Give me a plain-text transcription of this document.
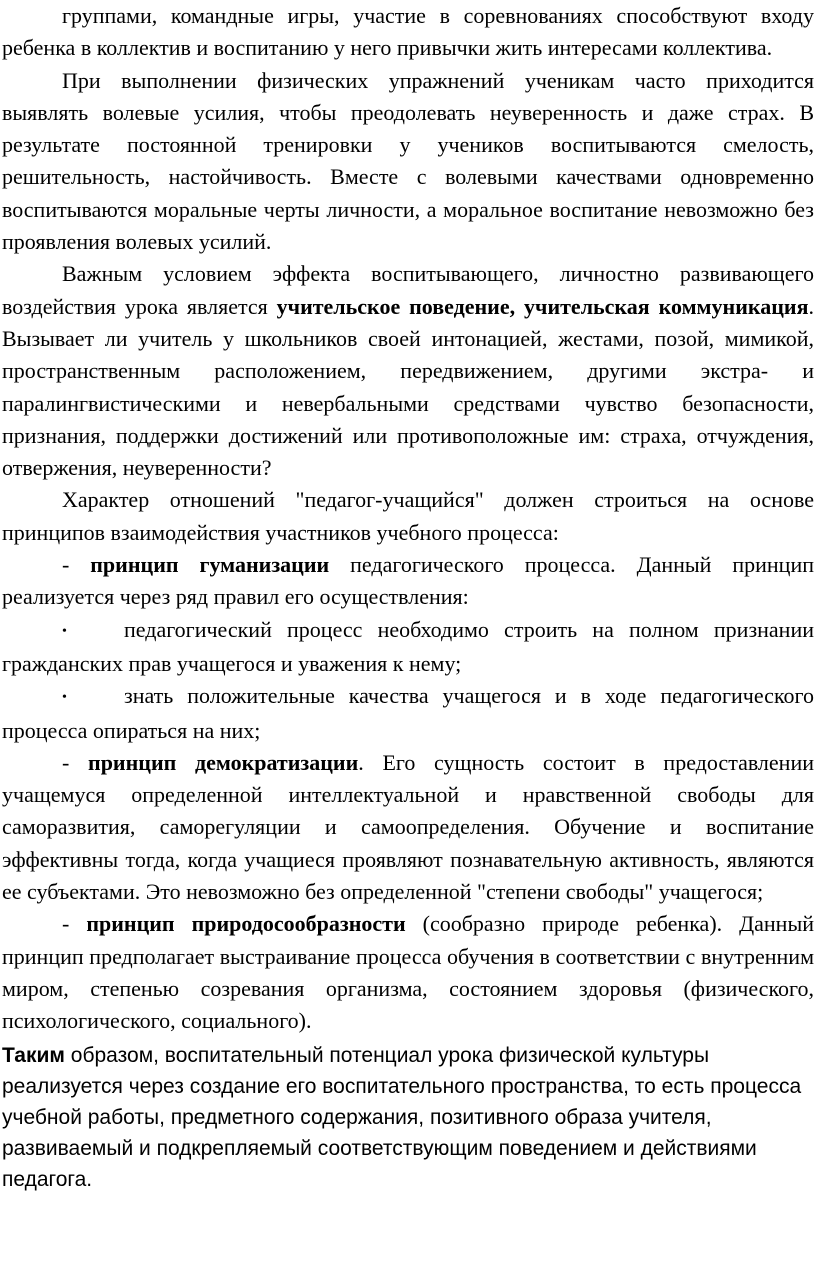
группами, командные игры, участие в соревнованиях способствуют входу ребенка в коллектив и воспитанию у него привычки жить интересами коллектива.

При выполнении физических упражнений ученикам часто приходится выявлять волевые усилия, чтобы преодолевать неуверенность и даже страх. В результате постоянной тренировки у учеников воспитываются смелость, решительность, настойчивость. Вместе с волевыми качествами одновременно воспитываются моральные черты личности, а моральное воспитание невозможно без проявления волевых усилий.

Важным условием эффекта воспитывающего, личностно развивающего воздействия урока является учительское поведение, учительская коммуникация. Вызывает ли учитель у школьников своей интонацией, жестами, позой, мимикой, пространственным расположением, передвижением, другими экстра- и паралингвистическими и невербальными средствами чувство безопасности, признания, поддержки достижений или противоположные им: страха, отчуждения, отвержения, неуверенности?

Характер отношений "педагог-учащийся" должен строиться на основе принципов взаимодействия участников учебного процесса:

- принцип гуманизации педагогического процесса. Данный принцип реализуется через ряд правил его осуществления:

•	педагогический процесс необходимо строить на полном признании гражданских прав учащегося и уважения к нему;

•	знать положительные качества учащегося и в ходе педагогического процесса опираться на них;

- принцип демократизации. Его сущность состоит в предоставлении учащемуся определенной интеллектуальной и нравственной свободы для саморазвития, саморегуляции и самоопределения. Обучение и воспитание эффективны тогда, когда учащиеся проявляют познавательную активность, являются ее субъектами. Это невозможно без определенной "степени свободы" учащегося;

- принцип природосообразности (сообразно природе ребенка). Данный принцип предполагает выстраивание процесса обучения в соответствии с внутренним миром, степенью созревания организма, состоянием здоровья (физического, психологического, социального).

Таким образом, воспитательный потенциал урока физической культуры реализуется через создание его воспитательного пространства, то есть процесса учебной работы, предметного содержания, позитивного образа учителя, развиваемый и подкрепляемый соответствующим поведением и действиями педагога.
